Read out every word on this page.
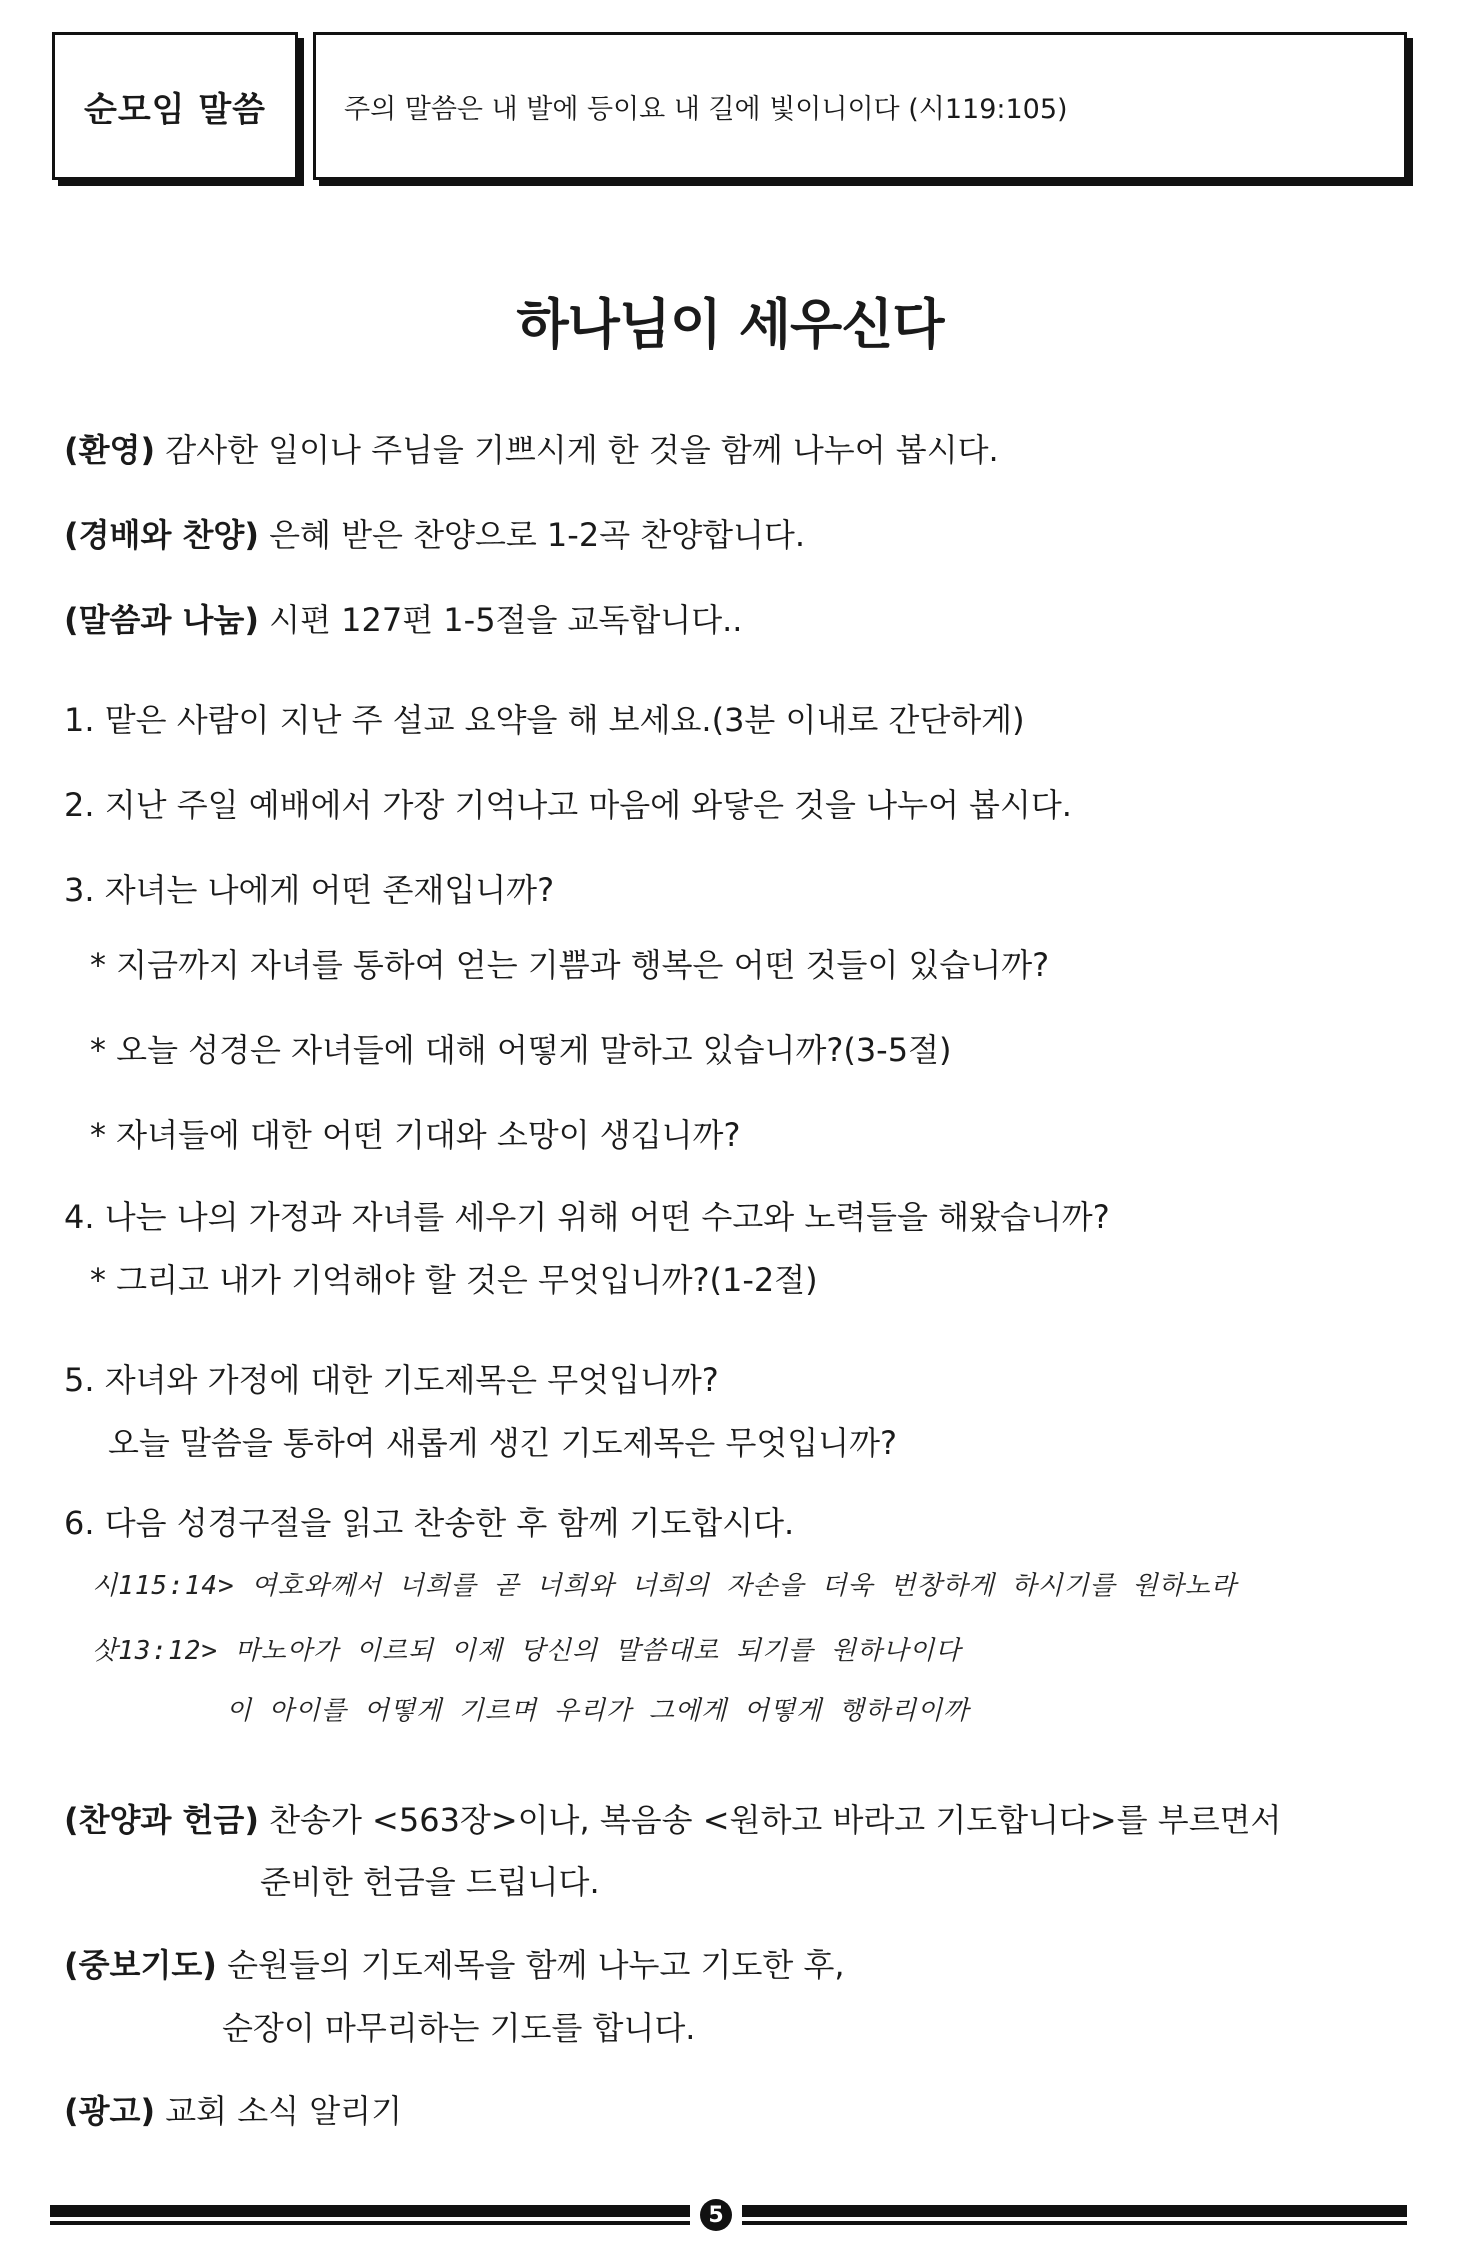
순모임 말씀	주의 말씀은 내 발에 등이요 내 길에 빛이니이다 (시119:105)
하나님이 세우신다
(환영) 감사한 일이나 주님을 기쁘시게 한 것을 함께 나누어 봅시다.
(경배와 찬양) 은혜 받은 찬양으로 1-2곡 찬양합니다.
(말씀과 나눔) 시편 127편 1-5절을 교독합니다..
1. 맡은 사람이 지난 주 설교 요약을 해 보세요.(3분 이내로 간단하게)
2. 지난 주일 예배에서 가장 기억나고 마음에 와닿은 것을 나누어 봅시다.
3. 자녀는 나에게 어떤 존재입니까?
* 지금까지 자녀를 통하여 얻는 기쁨과 행복은 어떤 것들이 있습니까?
* 오늘 성경은 자녀들에 대해 어떻게 말하고 있습니까?(3-5절)
* 자녀들에 대한 어떤 기대와 소망이 생깁니까?
4. 나는 나의 가정과 자녀를 세우기 위해 어떤 수고와 노력들을 해왔습니까?
* 그리고 내가 기억해야 할 것은 무엇입니까?(1-2절)
5. 자녀와 가정에 대한 기도제목은 무엇입니까?
오늘 말씀을 통하여 새롭게 생긴 기도제목은 무엇입니까?
6. 다음 성경구절을 읽고 찬송한 후 함께 기도합시다.
시115:14> 여호와께서 너희를 곧 너희와 너희의 자손을 더욱 번창하게 하시기를 원하노라
삿13:12> 마노아가 이르되 이제 당신의 말씀대로 되기를 원하나이다
이 아이를 어떻게 기르며 우리가 그에게 어떻게 행하리이까
(찬양과 헌금) 찬송가 <563장>이나, 복음송 <원하고 바라고 기도합니다>를 부르면서
준비한 헌금을 드립니다.
(중보기도) 순원들의 기도제목을 함께 나누고 기도한 후,
순장이 마무리하는 기도를 합니다.
(광고) 교회 소식 알리기
5
